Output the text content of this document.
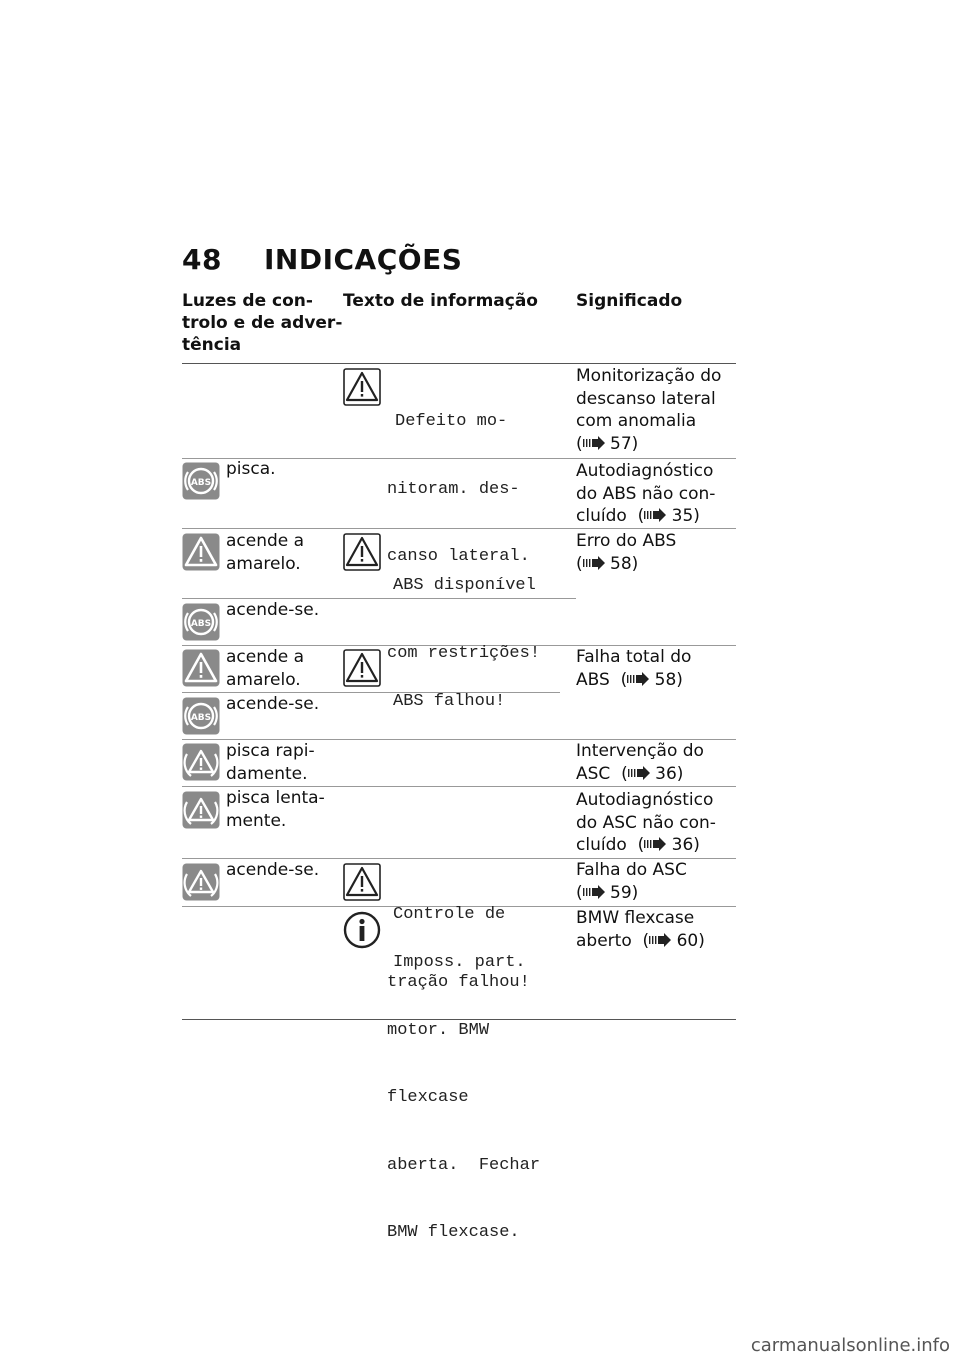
48 INDICAÇÕES
Luzes de con-
trolo e de adver-
tência
Texto de informação Significado

Defeito mo-

nitoram. des-

canso lateral.

Monitorização do
descanso lateral
com anomalia
( 57)
ABS
pisca.	Autodiagnóstico
do ABS não con-
cluído  ( 35)
acende a
amarelo.
ABS
acende-se.

ABS disponível

com restrições!

Erro do ABS
( 58)
acende a
amarelo.
ABS
acende-se.

	ABS falhou!

Falha total do
ABS  ( 58)
pisca rapi-
damente.
Intervenção do
ASC  ( 36)
pisca lenta-
mente.
Autodiagnóstico
do ASC não con-
cluído  ( 36)
acende-se.

Controle de

tração falhou!

Falha do ASC
( 59)

Imposs. part.

motor. BMW

flexcase

aberta.  Fechar

BMW flexcase.

BMW flexcase
aberto  ( 60)
carmanualsonline.info
